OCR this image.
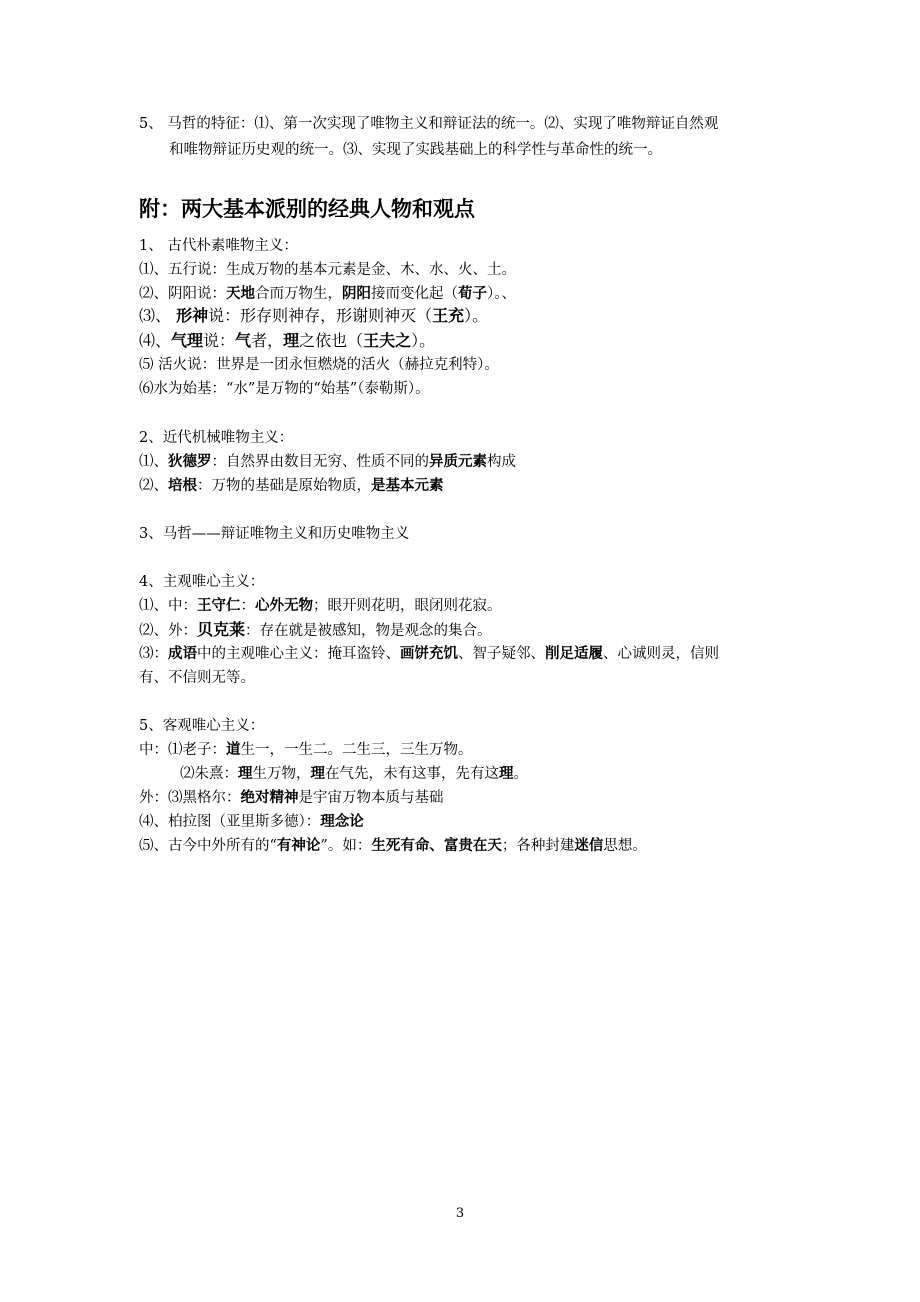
5、 马哲的特征：⑴、第一次实现了唯物主义和辩证法的统一。⑵、实现了唯物辩证自然观
和唯物辩证历史观的统一。⑶、实现了实践基础上的科学性与革命性的统一。
附：两大基本派别的经典人物和观点
1、 古代朴素唯物主义：
⑴、五行说：生成万物的基本元素是金、木、水、火、土。
⑵、阴阳说：天地合而万物生，阴阳接而变化起（荀子）。、
⑶、 形神说：形存则神存，形谢则神灭（王充）。
⑷、气理说：气者，理之依也（王夫之）。
⑸ 活火说：世界是一团永恒燃烧的活火（赫拉克利特）。
⑹水为始基：“水”是万物的“始基”（泰勒斯）。
2、近代机械唯物主义：
⑴、狄德罗：自然界由数目无穷、性质不同的异质元素构成
⑵、培根：万物的基础是原始物质，是基本元素
3、马哲——辩证唯物主义和历史唯物主义
4、主观唯心主义：
⑴、中：王守仁：心外无物；眼开则花明，眼闭则花寂。
⑵、外：贝克莱：存在就是被感知，物是观念的集合。
⑶：成语中的主观唯心主义：掩耳盗铃、画饼充饥、智子疑邻、削足适履、心诚则灵，信则
有、不信则无等。
5、客观唯心主义：
中：⑴老子：道生一，一生二。二生三，三生万物。
⑵朱熹：理生万物，理在气先，未有这事，先有这理。
外：⑶黑格尔：绝对精神是宇宙万物本质与基础
⑷、柏拉图（亚里斯多德）：理念论
⑸、古今中外所有的“有神论”。如：生死有命、富贵在天；各种封建迷信思想。
3
